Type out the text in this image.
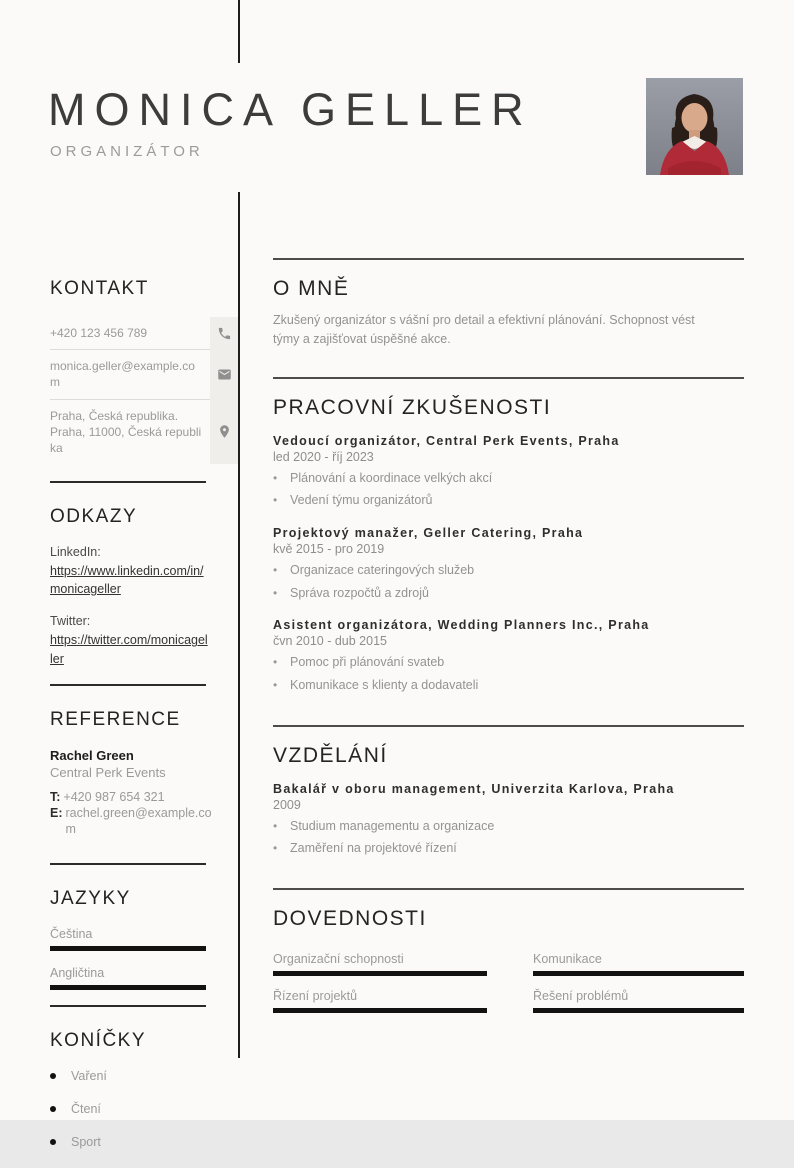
MONICA GELLER
ORGANIZÁTOR
KONTAKT
+420 123 456 789
monica.geller@example.com
Praha, Česká republika.
Praha, 11000, Česká republika
ODKAZY
LinkedIn:
https://www.linkedin.com/in/monicageller
Twitter:
https://twitter.com/monicageller
REFERENCE
Rachel Green
Central Perk Events
T: +420 987 654 321
E: rachel.green@example.com
JAZYKY
Čeština
Angličtina
KONÍČKY
Vaření
Čtení
Sport
O MNĚ
Zkušený organizátor s vášní pro detail a efektivní plánování. Schopnost vést týmy a zajišťovat úspěšné akce.
PRACOVNÍ ZKUŠENOSTI
Vedoucí organizátor, Central Perk Events, Praha
led 2020 - říj 2023
•	Plánování a koordinace velkých akcí
•	Vedení týmu organizátorů
Projektový manažer, Geller Catering, Praha
kvě 2015 - pro 2019
•	Organizace cateringových služeb
•	Správa rozpočtů a zdrojů
Asistent organizátora, Wedding Planners Inc., Praha
čvn 2010 - dub 2015
•	Pomoc při plánování svateb
•	Komunikace s klienty a dodavateli
VZDĚLÁNÍ
Bakalář v oboru management, Univerzita Karlova, Praha
2009
•	Studium managementu a organizace
•	Zaměření na projektové řízení
DOVEDNOSTI
Organizační schopnosti	Komunikace
Řízení projektů	Řešení problémů
